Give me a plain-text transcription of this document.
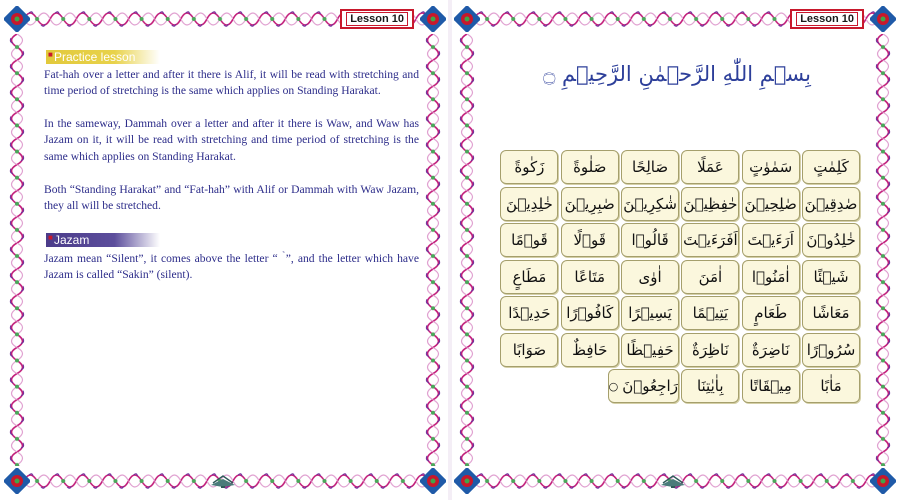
Lesson 10
■ Practice lesson

Fat-hah over a letter and after it there is Alif, it will be read with stretching and time period of stretching is the same which applies on Standing Harakat.

In the sameway, Dammah over a letter and after it there is Waw, and Waw has Jazam on it, it will be read with stretching and time period of stretching is the same which applies on Standing Harakat.

Both “Standing Harakat” and “Fat-hah” with Alif or Dammah with Waw Jazam, they all will be stretched.

■ Jazam

Jazam mean “Silent”, it comes above the letter “ ۡ ”, and the letter which have Jazam is called “Sakin” (silent).

Lesson 10
بِسۡمِ اللّٰهِ الرَّحۡمٰنِ الرَّحِيۡمِ ۝
كَلِمٰتٍ
سَمٰوٰتٍ
عَمَلًا
صَالِحًا
صَلٰوةً
زَكٰوةً
صٰدِقِيۡنَ
صٰلِحِيۡنَ
حٰفِظِيۡنَ
شٰكِرِيۡنَ
صٰبِرِيۡنَ
خٰلِدِيۡنَ
خٰلِدُوۡنَ
اَرَءَيۡتَ
اَفَرَءَيۡتَ
قَالُوۡا
قَوۡلًا
قَوۡمًا
شَيۡئًا
اٰمَنُوۡا
اٰمَنَ
اٰوٰى
مَتَاعًا
مَطَاعٍ
مَعَاشًا
طَعَامٍ
يَتِيۡمًا
يَسِيۡرًا
كَافُوۡرًا
حَدِيۡدًا
سُرُوۡرًا
نَاضِرَةٌ
نَاظِرَةٌ
حَفِيۡظًا
حَافِظٌ
صَوَابًا
مَاٰبًا
مِيۡقَاتًا
بِاٰيٰتِنَا
رَاجِعُوۡنَ
○
